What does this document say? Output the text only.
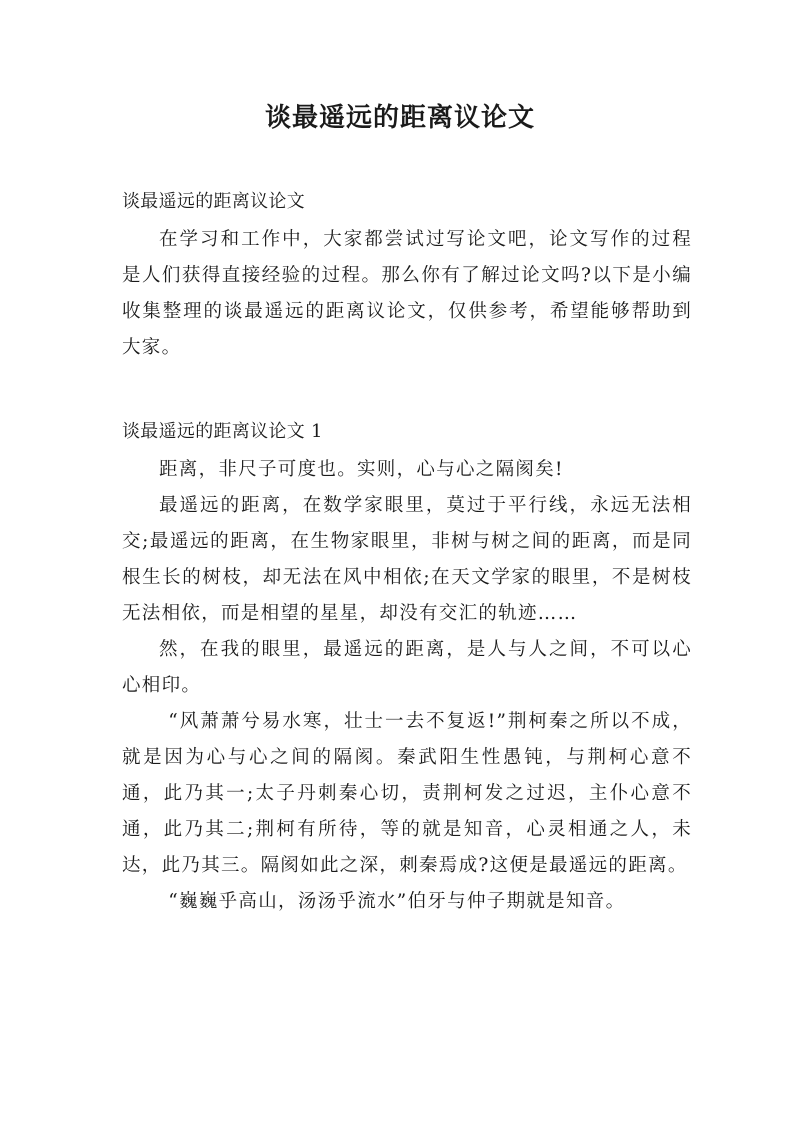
谈最遥远的距离议论文
谈最遥远的距离议论文

在学习和工作中，大家都尝试过写论文吧，论文写作的过程是人们获得直接经验的过程。那么你有了解过论文吗?以下是小编收集整理的谈最遥远的距离议论文，仅供参考，希望能够帮助到大家。

谈最遥远的距离议论文 1

距离，非尺子可度也。实则，心与心之隔阂矣!

最遥远的距离，在数学家眼里，莫过于平行线，永远无法相交;最遥远的距离，在生物家眼里，非树与树之间的距离，而是同根生长的树枝，却无法在风中相依;在天文学家的眼里，不是树枝无法相依，而是相望的星星，却没有交汇的轨迹……

然，在我的眼里，最遥远的距离，是人与人之间，不可以心心相印。

“风萧萧兮易水寒，壮士一去不复返!”荆柯秦之所以不成，就是因为心与心之间的隔阂。秦武阳生性愚钝，与荆柯心意不通，此乃其一;太子丹刺秦心切，责荆柯发之过迟，主仆心意不通，此乃其二;荆柯有所待，等的就是知音，心灵相通之人，未达，此乃其三。隔阂如此之深，刺秦焉成?这便是最遥远的距离。

“巍巍乎高山，汤汤乎流水”伯牙与仲子期就是知音。
